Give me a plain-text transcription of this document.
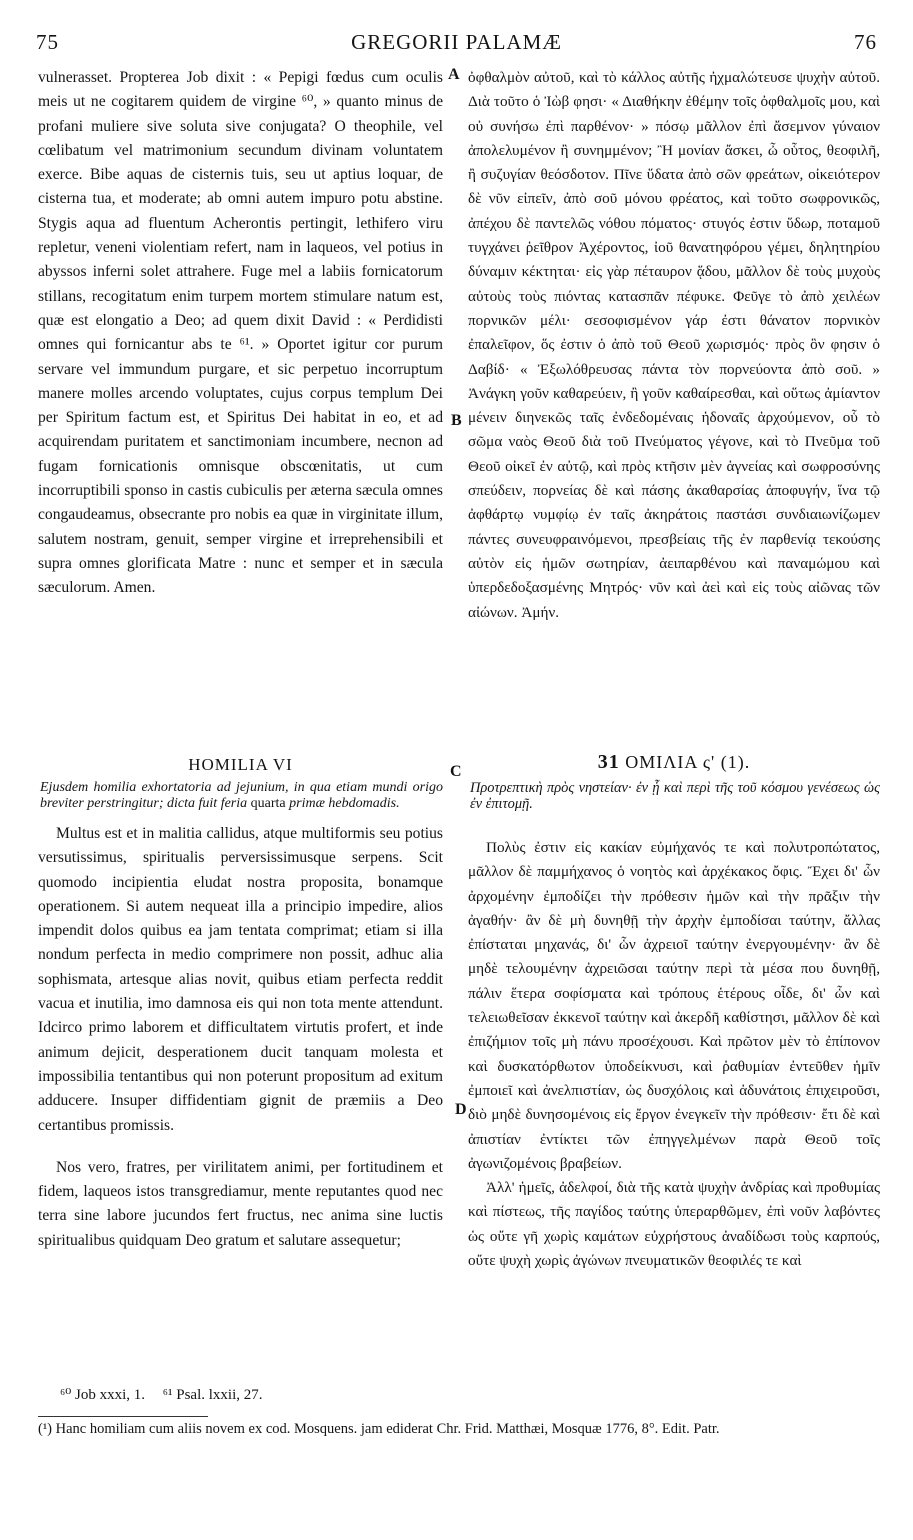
75	GREGORII PALAMÆ	76
A
B
C
D

vulnerasset. Propterea Job dixit : « Pepigi fœdus cum oculis meis ut ne cogitarem quidem de virgine ⁶⁰, » quanto minus de profani muliere sive soluta sive conjugata? O theophile, vel cœlibatum vel matrimonium secundum divinam voluntatem exerce. Bibe aquas de cisternis tuis, seu ut aptius loquar, de cisterna tua, et moderate; ab omni autem impuro potu abstine. Stygis aqua ad fluentum Acherontis pertingit, lethifero viru repletur, veneni violentiam refert, nam in laqueos, vel potius in abyssos inferni solet attrahere. Fuge mel a labiis fornicatorum stillans, recogitatum enim turpem mortem stimulare natum est, quæ est elongatio a Deo; ad quem dixit David : « Perdidisti omnes qui fornicantur abs te ⁶¹. » Oportet igitur cor purum servare vel immundum purgare, et sic perpetuo incorruptum manere molles arcendo voluptates, cujus corpus templum Dei per Spiritum factum est, et Spiritus Dei habitat in eo, et ad acquirendam puritatem et sanctimoniam incumbere, necnon ad fugam fornicationis omnisque obscœnitatis, ut cum incorruptibili sponso in castis cubiculis per æterna sæcula omnes congaudeamus, obsecrante pro nobis ea quæ in virginitate illum, salutem nostram, genuit, semper virgine et irreprehensibili et supra omnes glorificata Matre : nunc et semper et in sæcula sæculorum. Amen.

ὀφθαλμὸν αὐτοῦ, καὶ τὸ κάλλος αὐτῆς ἠχμαλώτευσε ψυχὴν αὐτοῦ. Διὰ τοῦτο ὁ Ἰὼβ φησι· « Διαθήκην ἐθέμην τοῖς ὀφθαλμοῖς μου, καὶ οὐ συνήσω ἐπὶ παρθένον· » πόσῳ μᾶλλον ἐπὶ ἄσεμνον γύναιον ἀπολελυμένον ἢ συνημμένον; Ἢ μονίαν ἄσκει, ὦ οὗτος, θεοφιλῆ, ἢ συζυγίαν θεόσδοτον. Πῖνε ὕδατα ἀπὸ σῶν φρεάτων, οἰκειότερον δὲ νῦν εἰπεῖν, ἀπὸ σοῦ μόνου φρέατος, καὶ τοῦτο σωφρονικῶς, ἀπέχου δὲ παντελῶς νόθου πόματος· στυγός ἐστιν ὕδωρ, ποταμοῦ τυγχάνει ῥεῖθρον Ἀχέροντος, ἰοῦ θανατηφόρου γέμει, δηλητηρίου δύναμιν κέκτηται· εἰς γὰρ πέταυρον ᾅδου, μᾶλλον δὲ τοὺς μυχοὺς αὐτοὺς τοὺς πιόντας κατασπᾶν πέφυκε. Φεῦγε τὸ ἀπὸ χειλέων πορνικῶν μέλι· σεσοφισμένον γάρ ἐστι θάνατον πορνικὸν ἐπαλεῖφον, ὅς ἐστιν ὁ ἀπὸ τοῦ Θεοῦ χωρισμός· πρὸς ὃν φησιν ὁ Δαβίδ· « Ἐξωλόθρευσας πάντα τὸν πορνεύοντα ἀπὸ σοῦ. » Ἀνάγκη γοῦν καθαρεύειν, ἢ γοῦν καθαίρεσθαι, καὶ οὕτως ἀμίαντον μένειν διηνεκῶς ταῖς ἐνδεδομέναις ἡδοναῖς ἀρχούμενον, οὗ τὸ σῶμα ναὸς Θεοῦ διὰ τοῦ Πνεύματος γέγονε, καὶ τὸ Πνεῦμα τοῦ Θεοῦ οἰκεῖ ἐν αὐτῷ, καὶ πρὸς κτῆσιν μὲν ἁγνείας καὶ σωφροσύνης σπεύδειν, πορνείας δὲ καὶ πάσης ἀκαθαρσίας ἀποφυγήν, ἵνα τῷ ἀφθάρτῳ νυμφίῳ ἐν ταῖς ἀκηράτοις παστάσι συνδιαιωνίζωμεν πάντες συνευφραινόμενοι, πρεσβείαις τῆς ἐν παρθενίᾳ τεκούσης αὐτὸν εἰς ἡμῶν σωτηρίαν, ἀειπαρθένου καὶ παναμώμου καὶ ὑπερδεδοξασμένης Μητρός· νῦν καὶ ἀεὶ καὶ εἰς τοὺς αἰῶνας τῶν αἰώνων. Ἀμήν.

HOMILIA VI	31 ΟΜΙΛΙΑ ς' (1).
Ejusdem homilia exhortatoria ad jejunium, in qua etiam mundi origo breviter perstringitur; dicta fuit feria quarta primæ hebdomadis.
Προτρεπτικὴ πρὸς νηστείαν· ἐν ᾗ καὶ περὶ τῆς τοῦ κόσμου γενέσεως ὡς ἐν ἐπιτομῇ.

Multus est et in malitia callidus, atque multiformis seu potius versutissimus, spiritualis perversissimusque serpens. Scit quomodo incipientia eludat nostra proposita, bonamque operationem. Si autem nequeat illa a principio impedire, alios impendit dolos quibus ea jam tentata comprimat; etiam si illa nondum perfecta in medio comprimere non possit, adhuc alia sophismata, artesque alias novit, quibus etiam perfecta reddit vacua et inutilia, imo damnosa eis qui non tota mente attendunt. Idcirco primo laborem et difficultatem virtutis profert, et inde animum dejicit, desperationem ducit tanquam molesta et impossibilia tentantibus qui non poterunt propositum ad exitum adducere. Insuper diffidentiam gignit de præmiis a Deo certantibus promissis.

Nos vero, fratres, per virilitatem animi, per fortitudinem et fidem, laqueos istos transgrediamur, mente reputantes quod nec terra sine labore jucundos fert fructus, nec anima sine luctis spiritualibus quidquam Deo gratum et salutare assequetur;

Πολὺς ἐστιν εἰς κακίαν εὐμήχανός τε καὶ πολυτροπώτατος, μᾶλλον δὲ παμμήχανος ὁ νοητὸς καὶ ἀρχέκακος ὄφις. Ἔχει δι' ὧν ἀρχομένην ἐμποδίζει τὴν πρόθεσιν ἡμῶν καὶ τὴν πρᾶξιν τὴν ἀγαθήν· ἂν δὲ μὴ δυνηθῇ τὴν ἀρχὴν ἐμποδίσαι ταύτην, ἄλλας ἐπίσταται μηχανάς, δι' ὧν ἀχρειοῖ ταύτην ἐνεργουμένην· ἂν δὲ μηδὲ τελουμένην ἀχρειῶσαι ταύτην περὶ τὰ μέσα που δυνηθῇ, πάλιν ἕτερα σοφίσματα καὶ τρόπους ἑτέρους οἶδε, δι' ὧν καὶ τελειωθεῖσαν ἐκκενοῖ ταύτην καὶ ἀκερδῆ καθίστησι, μᾶλλον δὲ καὶ ἐπιζήμιον τοῖς μὴ πάνυ προσέχουσι. Καὶ πρῶτον μὲν τὸ ἐπίπονον καὶ δυσκατόρθωτον ὑποδείκνυσι, καὶ ῥαθυμίαν ἐντεῦθεν ἡμῖν ἐμποιεῖ καὶ ἀνελπιστίαν, ὡς δυσχόλοις καὶ ἀδυνάτοις ἐπιχειροῦσι, διὸ μηδὲ δυνησομένοις εἰς ἔργον ἐνεγκεῖν τὴν πρόθεσιν· ἔτι δὲ καὶ ἀπιστίαν ἐντίκτει τῶν ἐπηγγελμένων παρὰ Θεοῦ τοῖς ἀγωνιζομένοις βραβείων.

Ἀλλ' ἡμεῖς, ἀδελφοί, διὰ τῆς κατὰ ψυχὴν ἀνδρίας καὶ προθυμίας καὶ πίστεως, τῆς παγίδος ταύτης ὑπεραρθῶμεν, ἐπὶ νοῦν λαβόντες ὡς οὔτε γῆ χωρὶς καμάτων εὐχρήστους ἀναδίδωσι τοὺς καρπούς, οὔτε ψυχὴ χωρὶς ἀγώνων πνευματικῶν θεοφιλές τε καὶ

⁶⁰ Job xxxi, 1. ⁶¹ Psal. lxxii, 27.
(¹) Hanc homiliam cum aliis novem ex cod. Mosquens. jam ediderat Chr. Frid. Matthæi, Mosquæ 1776, 8°. Edit. Patr.
